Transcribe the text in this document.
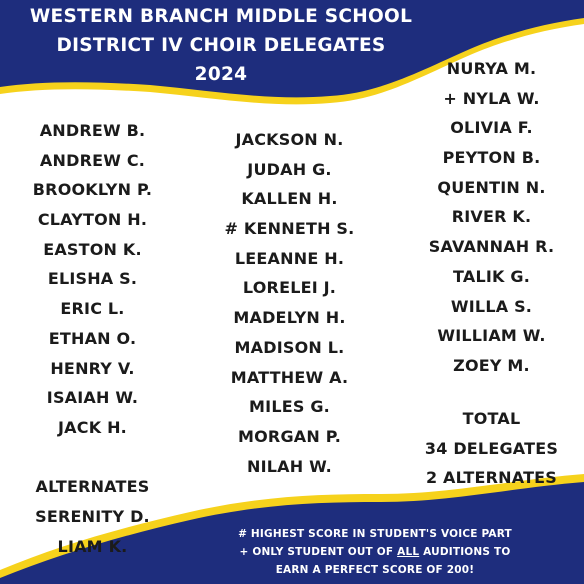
WESTERN BRANCH MIDDLE SCHOOL
DISTRICT IV CHOIR DELEGATES
2024
ANDREW B.
ANDREW C.
BROOKLYN P.
CLAYTON H.
EASTON K.
ELISHA S.
ERIC L.
ETHAN O.
HENRY V.
ISAIAH W.
JACK H.
ALTERNATES
SERENITY D.
LIAM K.
JACKSON N.
JUDAH G.
KALLEN H.
# KENNETH S.
LEEANNE H.
LORELEI J.
MADELYN H.
MADISON L.
MATTHEW A.
MILES G.
MORGAN P.
NILAH W.
NURYA M.
+ NYLA W.
OLIVIA F.
PEYTON B.
QUENTIN N.
RIVER K.
SAVANNAH R.
TALIK G.
WILLA S.
WILLIAM W.
ZOEY M.
TOTAL
34 DELEGATES
2 ALTERNATES
# HIGHEST SCORE IN STUDENT'S VOICE PART
+ ONLY STUDENT OUT OF ALL AUDITIONS TO
EARN A PERFECT SCORE OF 200!
